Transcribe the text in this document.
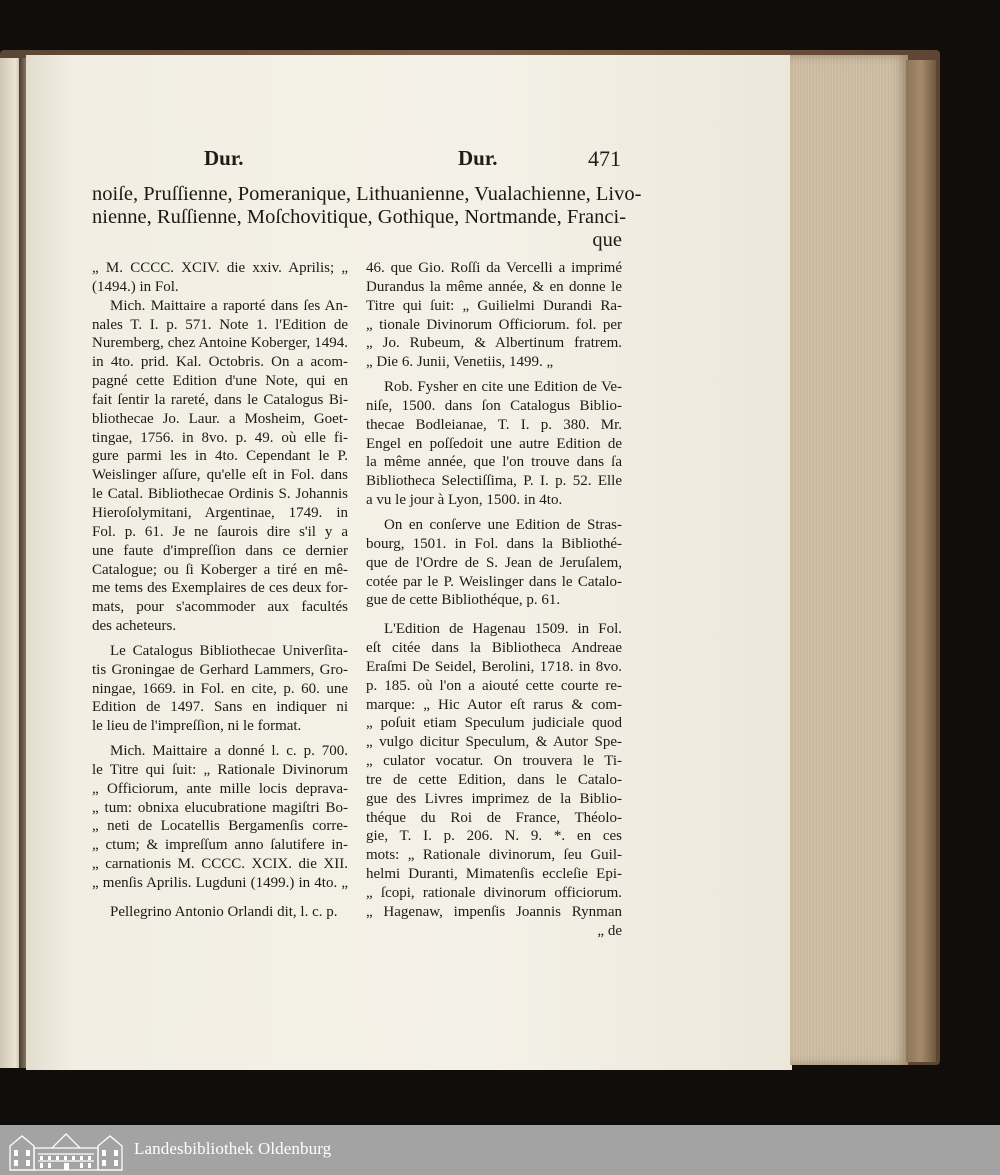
Dur.	Dur.	471
noiſe, Pruſſienne, Pomeranique, Lithuanienne, Vualachienne, Livo-
nienne, Ruſſienne, Moſchovitique, Gothique, Nortmande, Franci-
que
„ M. CCCC. XCIV. die xxiv. Aprilis; „
(1494.) in Fol.
Mich. Maittaire a raporté dans ſes An-
nales T. I. p. 571. Note 1. l'Edition de
Nuremberg, chez Antoine Koberger, 1494.
in 4to. prid. Kal. Octobris. On a acom-
pagné cette Edition d'une Note, qui en
fait ſentir la rareté, dans le Catalogus Bi-
bliothecae Jo. Laur. a Mosheim, Goet-
tingae, 1756. in 8vo. p. 49. où elle fi-
gure parmi les in 4to. Cependant le P.
Weislinger aſſure, qu'elle eſt in Fol. dans
le Catal. Bibliothecae Ordinis S. Johannis
Hieroſolymitani, Argentinae, 1749. in
Fol. p. 61. Je ne ſaurois dire s'il y a
une faute d'impreſſion dans ce dernier
Catalogue; ou ſi Koberger a tiré en mê-
me tems des Exemplaires de ces deux for-
mats, pour s'acommoder aux facultés
des acheteurs.
Le Catalogus Bibliothecae Univerſita-
tis Groningae de Gerhard Lammers, Gro-
ningae, 1669. in Fol. en cite, p. 60. une
Edition de 1497. Sans en indiquer ni
le lieu de l'impreſſion, ni le format.
Mich. Maittaire a donné l. c. p. 700.
le Titre qui ſuit: „ Rationale Divinorum
„ Officiorum, ante mille locis deprava-
„ tum: obnixa elucubratione magiſtri Bo-
„ neti de Locatellis Bergamenſis corre-
„ ctum; & impreſſum anno ſalutifere in-
„ carnationis M. CCCC. XCIX. die XII.
„ menſis Aprilis. Lugduni (1499.) in 4to. „
Pellegrino Antonio Orlandi dit, l. c. p.
46. que Gio. Roſſi da Vercelli a imprimé
Durandus la même année, & en donne le
Titre qui ſuit: „ Guilielmi Durandi Ra-
„ tionale Divinorum Officiorum. fol. per
„ Jo. Rubeum, & Albertinum fratrem.
„ Die 6. Junii, Venetiis, 1499. „
Rob. Fysher en cite une Edition de Ve-
niſe, 1500. dans ſon Catalogus Biblio-
thecae Bodleianae, T. I. p. 380. Mr.
Engel en poſſedoit une autre Edition de
la même année, que l'on trouve dans ſa
Bibliotheca Selectiſſima, P. I. p. 52. Elle
a vu le jour à Lyon, 1500. in 4to.
On en conſerve une Edition de Stras-
bourg, 1501. in Fol. dans la Bibliothé-
que de l'Ordre de S. Jean de Jeruſalem,
cotée par le P. Weislinger dans le Catalo-
gue de cette Bibliothéque, p. 61.
L'Edition de Hagenau 1509. in Fol.
eſt citée dans la Bibliotheca Andreae
Eraſmi De Seidel, Berolini, 1718. in 8vo.
p. 185. où l'on a aiouté cette courte re-
marque: „ Hic Autor eſt rarus & com-
„ poſuit etiam Speculum judiciale quod
„ vulgo dicitur Speculum, & Autor Spe-
„ culator vocatur. On trouvera le Ti-
tre de cette Edition, dans le Catalo-
gue des Livres imprimez de la Biblio-
théque du Roi de France, Théolo-
gie, T. I. p. 206. N. 9. *. en ces
mots: „ Rationale divinorum, ſeu Guil-
helmi Duranti, Mimatenſis eccleſie Epi-
„ ſcopi, rationale divinorum officiorum.
„ Hagenaw, impenſis Joannis Rynman
„ de
Landesbibliothek Oldenburg
